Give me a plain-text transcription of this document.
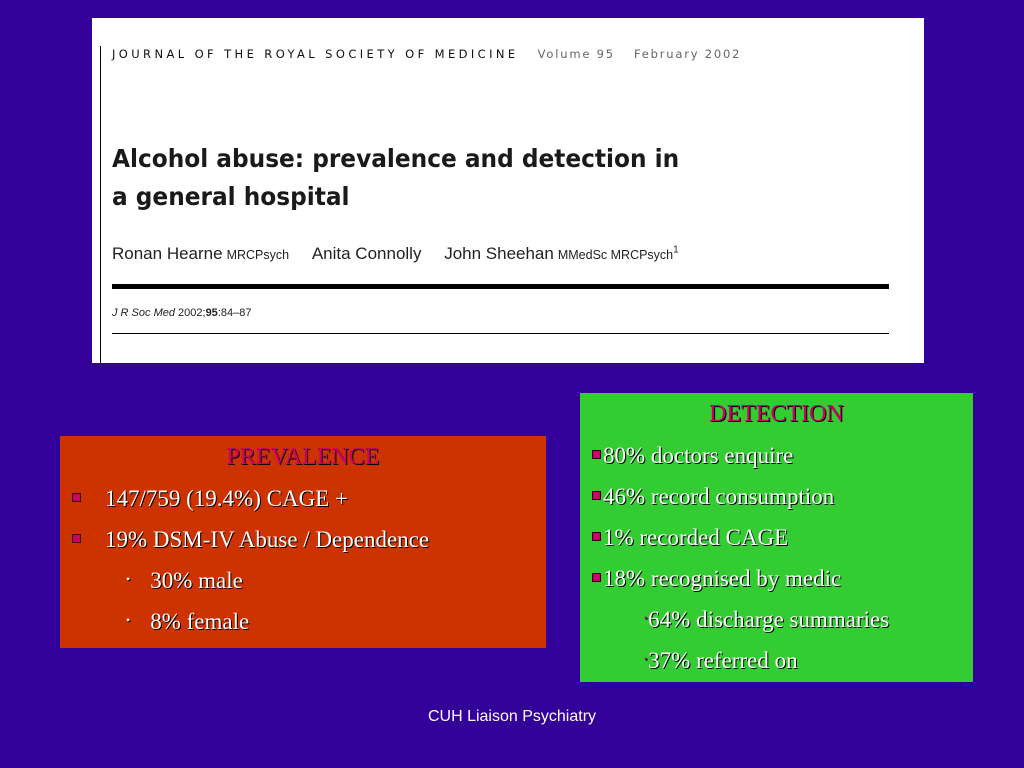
JOURNAL OF THE ROYAL SOCIETY OF MEDICINE Volume 95 February 2002
Alcohol abuse: prevalence and detection in
a general hospital
Ronan Hearne MRCPsych Anita Connolly John Sheehan MMedSc MRCPsych$^1$
J R Soc Med 2002;95:84–87
PREVALENCE
147/759 (19.4%) CAGE +
19% DSM-IV Abuse / Dependence
• 30% male
• 8% female
DETECTION
80% doctors enquire
46% record consumption
1% recorded CAGE
18% recognised by medic
•64% discharge summaries
•37% referred on
CUH Liaison Psychiatry
